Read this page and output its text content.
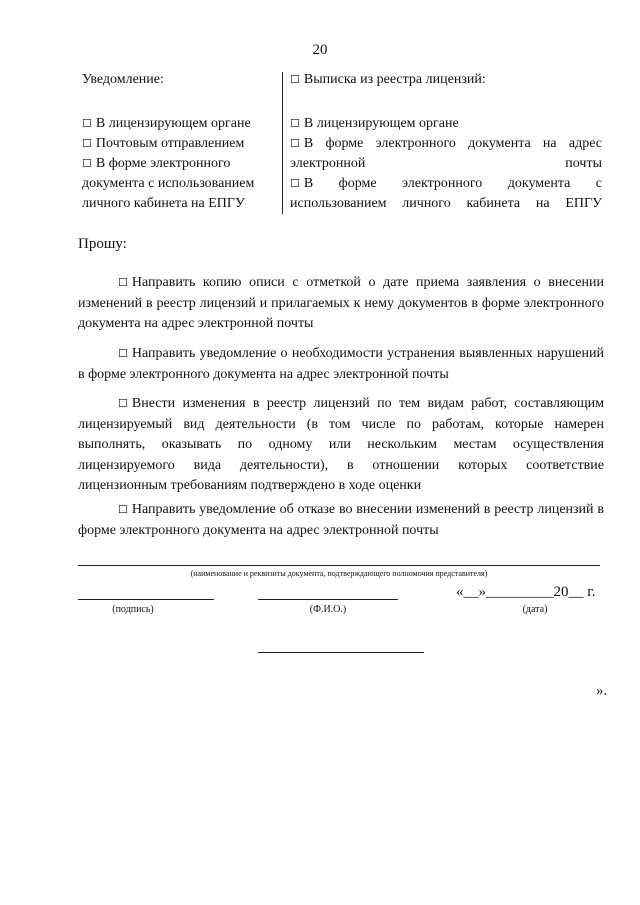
20

Уведомление:

☐ В лицензирующем органе

☐ Почтовым отправлением

☐ В форме электронного документа с использованием личного кабинета на ЕПГУ

☐ Выписка из реестра лицензий:

☐ В лицензирующем органе

☐ В форме электронного документа на адрес электронной почты

☐ В форме электронного документа с использованием личного кабинета на ЕПГУ

Прошу:
☐ Направить копию описи с отметкой о дате приема заявления о внесении изменений в реестр лицензий и прилагаемых к нему документов в форме электронного документа на адрес электронной почты
☐ Направить уведомление о необходимости устранения выявленных нарушений в форме электронного документа на адрес электронной почты
☐ Внести изменения в реестр лицензий по тем видам работ, составляющим лицензируемый вид деятельности (в том числе по работам, которые намерен выполнять, оказывать по одному или нескольким местам осуществления лицензируемого вида деятельности), в отношении которых соответствие лицензионным требованиям подтверждено в ходе оценки
☐ Направить уведомление об отказе во внесении изменений в реестр лицензий в форме электронного документа на адрес электронной почты
(наименование и реквизиты документа, подтверждающего полномочия представителя)
(подпись)	(Ф.И.О.)
«__»_________20__ г.
(дата)
».
